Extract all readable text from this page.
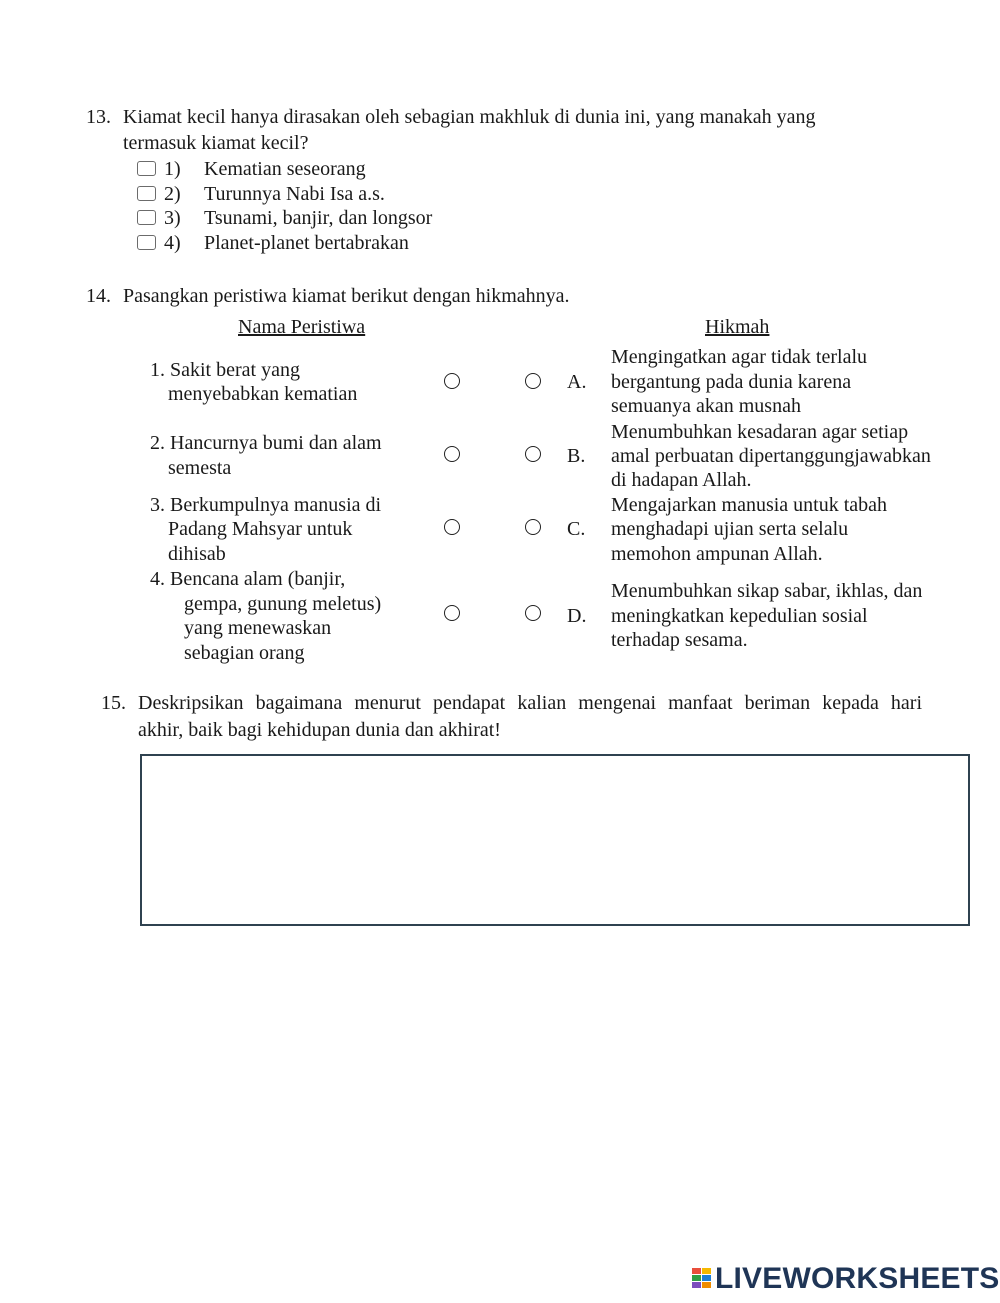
13. Kiamat kecil hanya dirasakan oleh sebagian makhluk di dunia ini, yang manakah yang
termasuk kiamat kecil?
1) Kematian seseorang
2) Turunnya Nabi Isa a.s.
3) Tsunami, banjir, dan longsor
4) Planet-planet bertabrakan
14. Pasangkan peristiwa kiamat berikut dengan hikmahnya.
Nama Peristiwa	Hikmah
1. Sakit berat yang
menyebabkan kematian
2. Hancurnya bumi dan alam
semesta
3. Berkumpulnya manusia di
Padang Mahsyar untuk
dihisab
4. Bencana alam (banjir,
gempa, gunung meletus)
yang menewaskan
sebagian orang
A.
Mengingatkan agar tidak terlalu
bergantung pada dunia karena
semuanya akan musnah
B.
Menumbuhkan kesadaran agar setiap
amal perbuatan dipertanggungjawabkan
di hadapan Allah.
C.
Mengajarkan manusia untuk tabah
menghadapi ujian serta selalu
memohon ampunan Allah.
D.
Menumbuhkan sikap sabar, ikhlas, dan
meningkatkan kepedulian sosial
terhadap sesama.
15. Deskripsikan bagaimana menurut pendapat kalian mengenai manfaat beriman kepada hari
akhir, baik bagi kehidupan dunia dan akhirat!
LIVEWORKSHEETS
